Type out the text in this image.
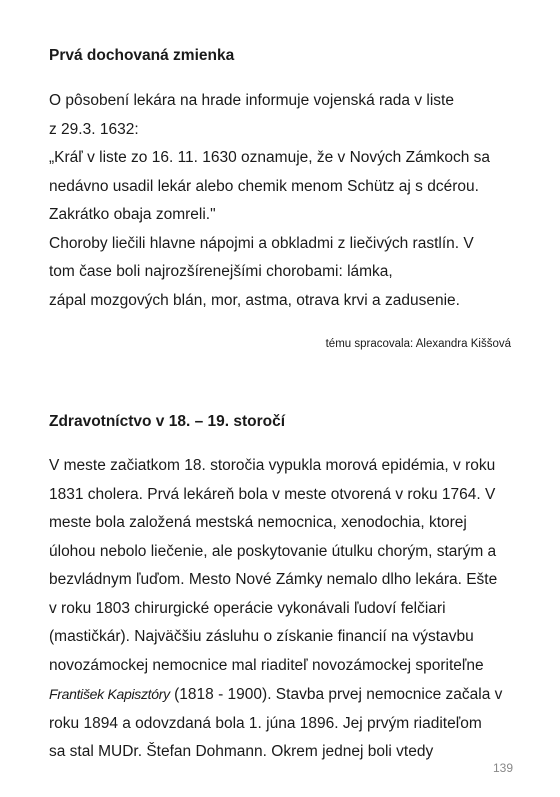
Prvá dochovaná zmienka
O pôsobení lekára na hrade informuje vojenská rada v liste
z 29.3. 1632:
„Kráľ v liste zo 16. 11. 1630 oznamuje, že v Nových Zámkoch sa
nedávno usadil lekár alebo chemik menom Schütz aj s dcérou.
Zakrátko obaja zomreli."
Choroby liečili hlavne nápojmi a obkladmi z liečivých rastlín. V
tom čase boli najrozšírenejšími chorobami: lámka,
zápal mozgových blán, mor, astma, otrava krvi a zadusenie.
tému spracovala: Alexandra Kiššová
Zdravotníctvo v 18. – 19. storočí
V meste začiatkom 18. storočia vypukla morová epidémia, v roku
1831 cholera. Prvá lekáreň bola v meste otvorená v roku 1764. V
meste bola založená mestská nemocnica, xenodochia, ktorej
úlohou nebolo liečenie, ale poskytovanie útulku chorým, starým a
bezvládnym ľuďom. Mesto Nové Zámky nemalo dlho lekára. Ešte
v roku 1803 chirurgické operácie vykonávali ľudoví felčiari
(mastičkár). Najväčšiu zásluhu o získanie financií na výstavbu
novozámockej nemocnice mal riaditeľ novozámockej sporiteľne
František Kapisztóry (1818 - 1900). Stavba prvej nemocnice začala v
roku 1894 a odovzdaná bola 1. júna 1896. Jej prvým riaditeľom
sa stal MUDr. Štefan Dohmann. Okrem jednej boli vtedy
139
